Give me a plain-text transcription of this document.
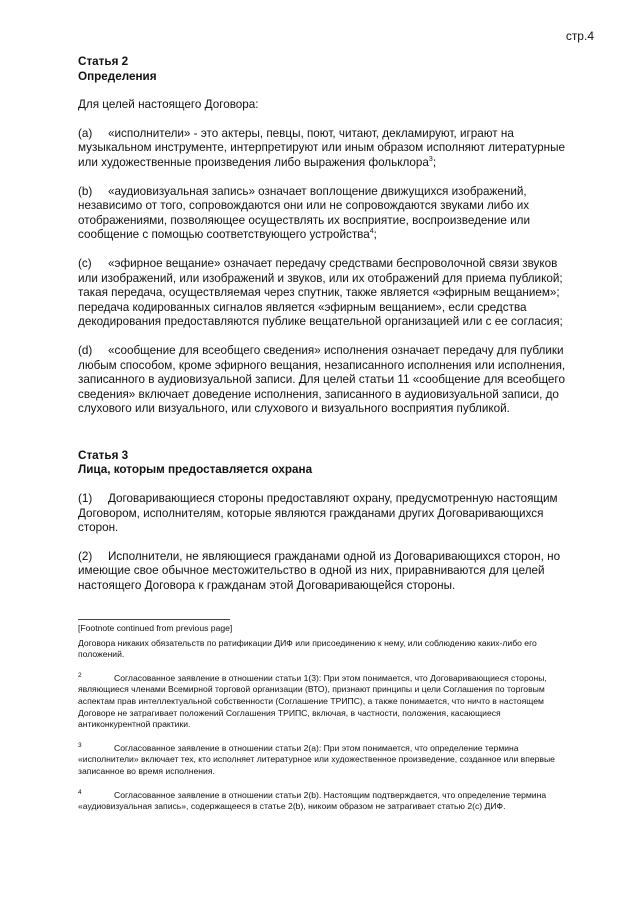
стр.4

Статья 2

Определения

Для целей настоящего Договора:

(a) «исполнители» - это актеры, певцы, поют, читают, декламируют, играют на музыкальном инструменте, интерпретируют или иным образом исполняют литературные или художественные произведения либо выражения фольклора$^3$;

(b) «аудиовизуальная запись» означает воплощение движущихся изображений, независимо от того, сопровождаются они или не сопровождаются звуками либо их отображениями, позволяющее осуществлять их восприятие, воспроизведение или сообщение с помощью соответствующего устройства$^4$;

(c) «эфирное вещание» означает передачу средствами беспроволочной связи звуков или изображений, или изображений и звуков, или их отображений для приема публикой; такая передача, осуществляемая через спутник, также является «эфирным вещанием»; передача кодированных сигналов является «эфирным вещанием», если средства декодирования предоставляются публике вещательной организацией или с ее согласия;

(d) «сообщение для всеобщего сведения» исполнения означает передачу для публики любым способом, кроме эфирного вещания, незаписанного исполнения или исполнения, записанного в аудиовизуальной записи. Для целей статьи 11 «сообщение для всеобщего сведения» включает доведение исполнения, записанного в аудиовизуальной записи, до слухового или визуального, или слухового и визуального восприятия публикой.

Статья 3

Лица, которым предоставляется охрана

(1) Договаривающиеся стороны предоставляют охрану, предусмотренную настоящим Договором, исполнителям, которые являются гражданами других Договаривающихся сторон.

(2) Исполнители, не являющиеся гражданами одной из Договаривающихся сторон, но имеющие свое обычное местожительство в одной из них, приравниваются для целей настоящего Договора к гражданам этой Договаривающейся стороны.

[Footnote continued from previous page]

Договора никаких обязательств по ратификации ДИФ или присоединению к нему, или соблюдению каких-либо его положений.

2	Согласованное заявление в отношении статьи 1(3): При этом понимается, что Договаривающиеся стороны, являющиеся членами Всемирной торговой организации (ВТО), признают принципы и цели Соглашения по торговым аспектам прав интеллектуальной собственности (Соглашение ТРИПС), а также понимается, что ничто в настоящем Договоре не затрагивает положений Соглашения ТРИПС, включая, в частности, положения, касающиеся антиконкурентной практики.

3	Согласованное заявление в отношении статьи 2(а): При этом понимается, что определение термина «исполнители» включает тех, кто исполняет литературное или художественное произведение, созданное или впервые записанное во время исполнения.

4	Согласованное заявление в отношении статьи 2(b). Настоящим подтверждается, что определение термина «аудиовизуальная запись», содержащееся в статье 2(b), никоим образом не затрагивает статью 2(с) ДИФ.
